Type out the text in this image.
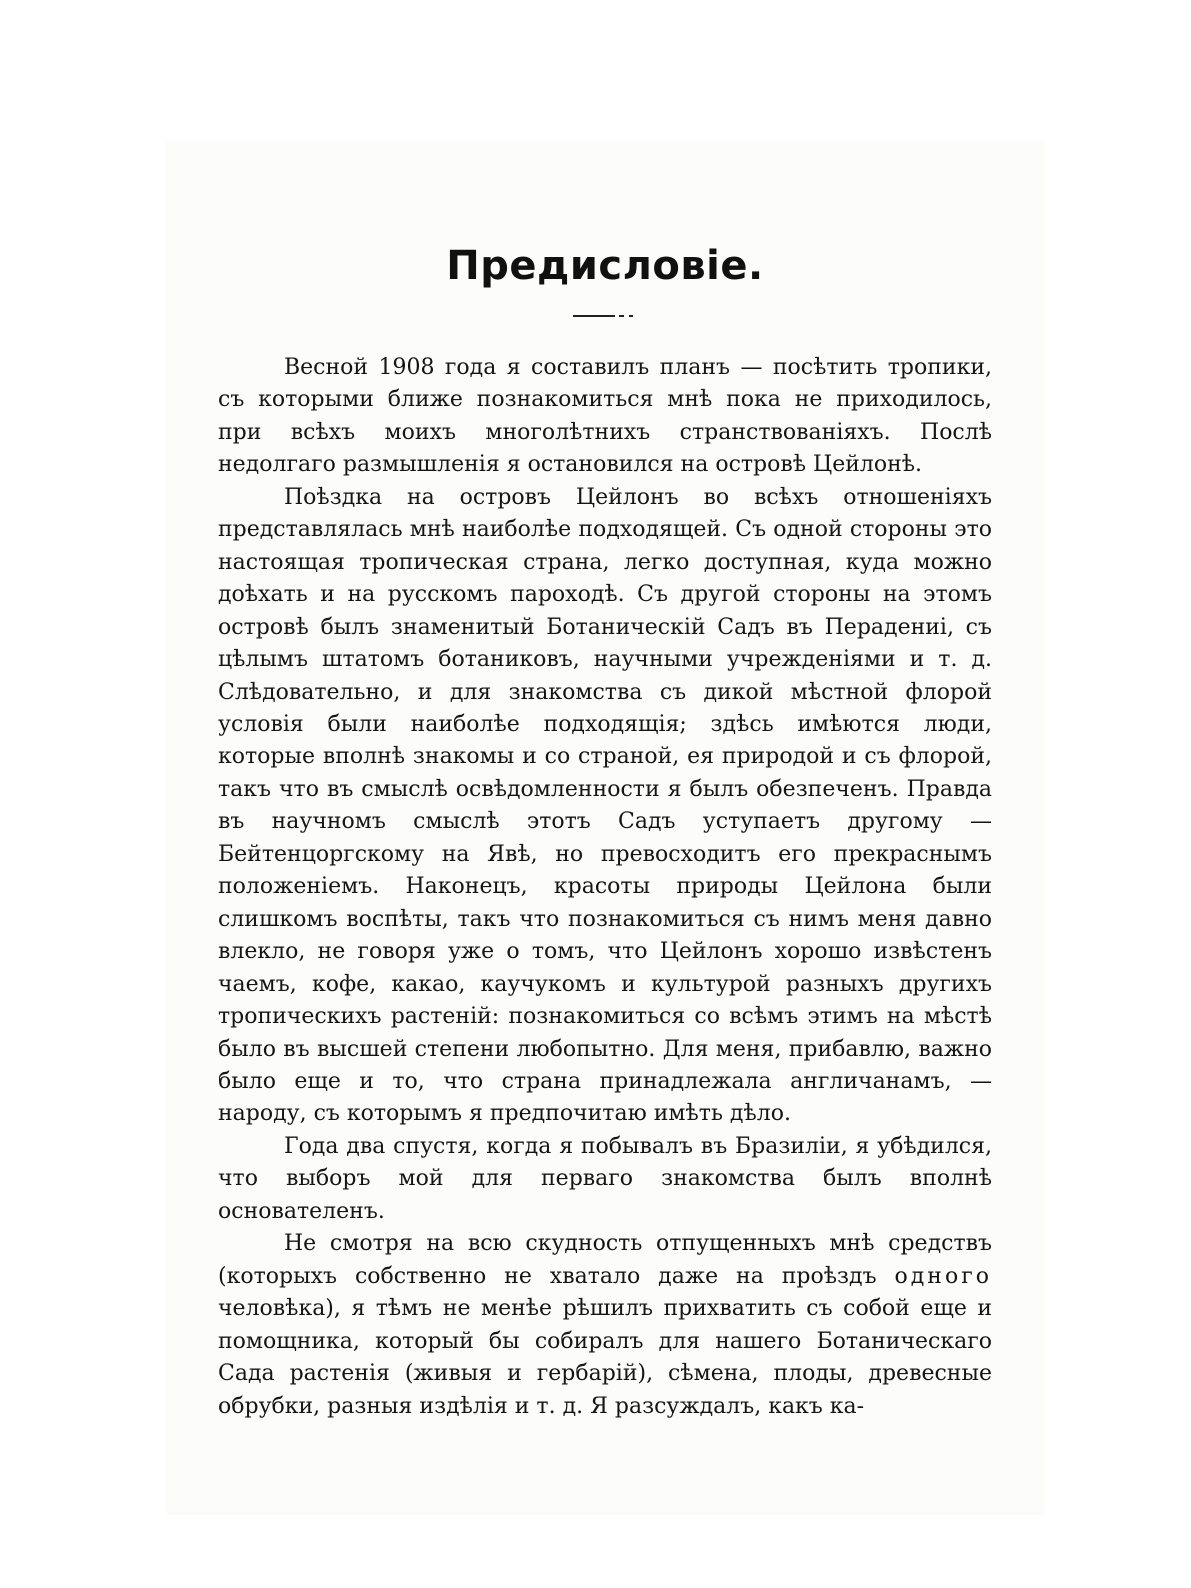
Предисловіе.

Весной 1908 года я составилъ планъ — посѣтить тропики, съ которыми ближе познакомиться мнѣ пока не приходилось, при всѣхъ моихъ многолѣтнихъ странствованіяхъ. Послѣ недолгаго размышленія я остановился на островѣ Цейлонѣ.

Поѣздка на островъ Цейлонъ во всѣхъ отношеніяхъ представлялась мнѣ наиболѣе подходящей. Съ одной стороны это настоящая тропическая страна, легко доступная, куда можно доѣхать и на русскомъ пароходѣ. Съ другой стороны на этомъ островѣ былъ знаменитый Ботаническій Садъ въ Перадениі, съ цѣлымъ штатомъ ботаниковъ, научными учрежденіями и т. д. Слѣдовательно, и для знакомства съ дикой мѣстной флорой условія были наиболѣе подходящія; здѣсь имѣются люди, которые вполнѣ знакомы и со страной, ея природой и съ флорой, такъ что въ смыслѣ освѣдомленности я былъ обезпеченъ. Правда въ научномъ смыслѣ этотъ Садъ уступаетъ другому — Бейтенцоргскому на Явѣ, но превосходитъ его прекраснымъ положеніемъ. Наконецъ, красоты природы Цейлона были слишкомъ воспѣты, такъ что познакомиться съ нимъ меня давно влекло, не говоря уже о томъ, что Цейлонъ хорошо извѣстенъ чаемъ, кофе, какао, каучукомъ и культурой разныхъ другихъ тропическихъ растеній: познакомиться со всѣмъ этимъ на мѣстѣ было въ высшей степени любопытно. Для меня, прибавлю, важно было еще и то, что страна принадлежала англичанамъ, — народу, съ которымъ я предпочитаю имѣть дѣло.

Года два спустя, когда я побывалъ въ Бразиліи, я убѣдился, что выборъ мой для перваго знакомства былъ вполнѣ основателенъ.

Не смотря на всю скудность отпущенныхъ мнѣ средствъ (которыхъ собственно не хватало даже на проѣздъ одного человѣка), я тѣмъ не менѣе рѣшилъ прихватить съ собой еще и помощника, который бы собиралъ для нашего Ботаническаго Сада растенія (живыя и гербарій), сѣмена, плоды, древесные обрубки, разныя издѣлія и т. д. Я разсуждалъ, какъ ка-
